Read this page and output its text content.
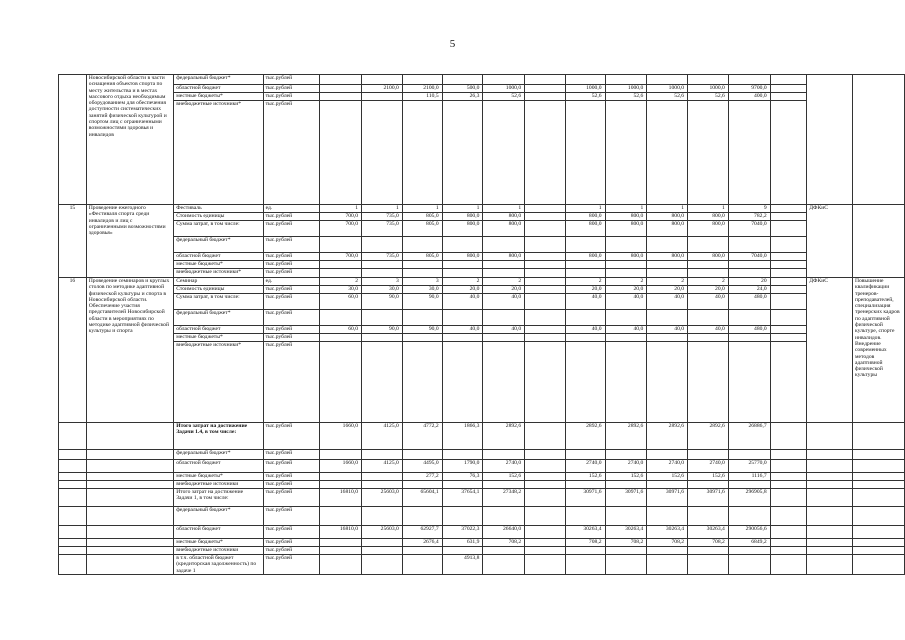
5
	Новосибирской области в части оснащения объектов спорта по месту жительства и в местах массового отдыха необходимым оборудованием для обеспечения доступности систематических занятий физической культурой и спортом лиц с ограниченными возможностями здоровья и инвалидов	федеральный бюджет*	тыс.рублей														
		областной бюджет	тыс.рублей		2100,0	2100,0	500,0	1000,0		1000,0	1000,0	1000,0	1000,0	9700,0			
		местные бюджеты*	тыс.рублей			110,5	26,3	52,6		52,6	52,6	52,6	52,6	400,0			
		внебюджетные источники*	тыс.рублей														
15	Проведение ежегодного «Фестиваля спорта среди инвалидов и лиц с ограниченными возможностями здоровья»	Фестиваль	ед.	1	1	1	1	1		1	1	1	1	9		ДФКиС	
		Стоимость единицы	тыс.рублей	700,0	735,0	805,0	800,0	800,0		800,0	800,0	800,0	800,0	782,2			
		Сумма затрат, в том числе:	тыс.рублей	700,0	735,0	805,0	800,0	800,0		800,0	800,0	800,0	800,0	7040,0			
		федеральный бюджет*	тыс.рублей														
		областной бюджет	тыс.рублей	700,0	735,0	805,0	800,0	800,0		800,0	800,0	800,0	800,0	7040,0			
		местные бюджеты*	тыс.рублей														
		внебюджетные источники*	тыс.рублей														
16	Проведение семинаров и круглых столов по методике адаптивной физической культуры и спорта в Новосибирской области. Обеспечение участия представителей Новосибирской области в мероприятиях по методике адаптивной физической культуры и спорта	Семинар	ед.	2	3	3	2	2		2	2	2	2	20		ДФКиС	Повышение квалификации тренеров-преподавателей, специализация тренерских кадров по адаптивной физической культуре, спорте инвалидов. Внедрение современных методов адаптивной физической культуры
		Стоимость единицы	тыс.рублей	30,0	30,0	30,0	20,0	20,0		20,0	20,0	20,0	20,0	24,0			
		Сумма затрат, в том числе:	тыс.рублей	60,0	90,0	90,0	40,0	40,0		40,0	40,0	40,0	40,0	480,0			
		федеральный бюджет*	тыс.рублей														
		областной бюджет	тыс.рублей	60,0	90,0	90,0	40,0	40,0		40,0	40,0	40,0	40,0	480,0			
		местные бюджеты*	тыс.рублей														
		внебюджетные источники*	тыс.рублей														
		Итого затрат на достижение Задачи 1.4, в том числе:	тыс.рублей	1660,0	4125,0	4772,2	1866,3	2892,6		2892,6	2892,6	2892,6	2892,6	26886,7			
		федеральный бюджет*	тыс.рублей														
		областной бюджет	тыс.рублей	1660,0	4125,0	4495,0	1790,0	2740,0		2740,0	2740,0	2740,0	2740,0	25770,0			
		местные бюджеты*	тыс.рублей			277,2	76,3	152,6		152,6	152,6	152,6	152,6	1116,7			
		внебюджетные источники	тыс.рублей														
		Итого затрат на достижение Задачи 1, в том числе:	тыс.рублей	16810,0	25603,0	65604,1	37654,1	27348,2		30971,6	30971,6	30971,6	30971,6	296905,8			
		федеральный бюджет*	тыс.рублей														
		областной бюджет	тыс.рублей	16810,0	25603,0	62927,7	37022,3	26640,0		30263,4	30263,4	30263,4	30263,4	290056,6			
		местные бюджеты*	тыс.рублей			2676,4	631,9	708,2		708,2	708,2	708,2	708,2	6849,2			
		внебюджетные источники	тыс.рублей														
		в т.ч. областной бюджет (кредиторская задолженность) по задаче 1	тыс.рублей				4913,8										
